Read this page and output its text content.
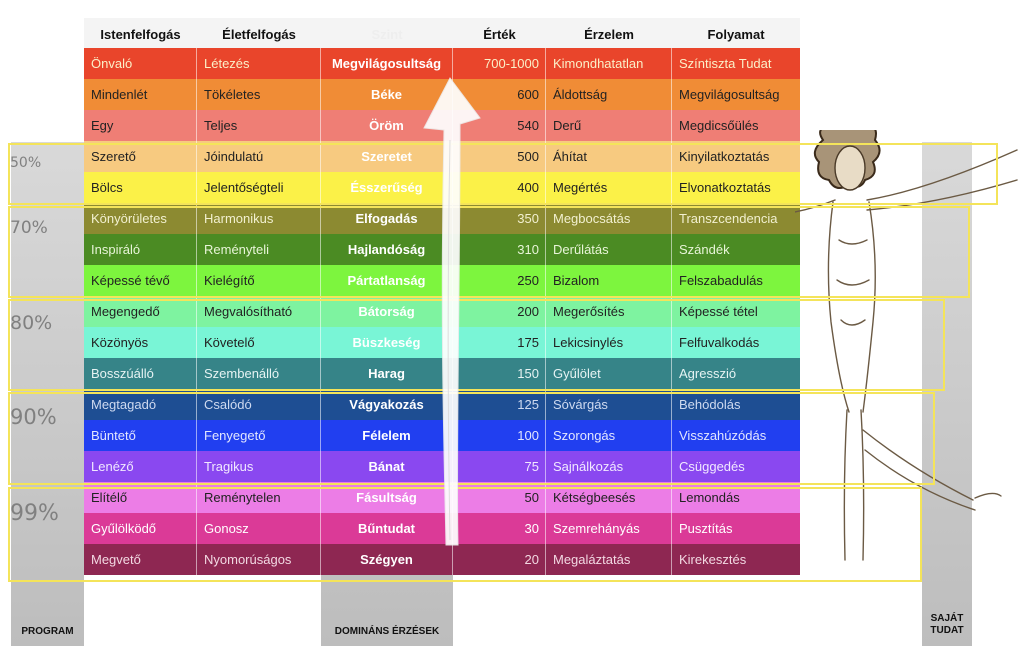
PROGRAM	DOMINÁNS ÉRZÉSEK
SAJÁT TUDAT
Istenfelfogás	Életfelfogás	Szint	Érték	Érzelem	Folyamat
Önvaló	Létezés	Megvilágosultság	700-1000	Kimondhatatlan	Színtiszta Tudat
Mindenlét	Tökéletes	Béke	600	Áldottság	Megvilágosultság
Egy	Teljes	Öröm	540	Derű	Megdicsőülés
Szerető	Jóindulatú	Szeretet	500	Áhítat	Kinyilatkoztatás
Bölcs	Jelentőségteli	Ésszerűség	400	Megértés	Elvonatkoztatás
Könyörületes	Harmonikus	Elfogadás	350	Megbocsátás	Transzcendencia
Inspiráló	Reményteli	Hajlandóság	310	Derűlátás	Szándék
Képessé tévő	Kielégítő	Pártatlanság	250	Bizalom	Felszabadulás
Megengedő	Megvalósítható	Bátorság	200	Megerősítés	Képessé tétel
Közönyös	Követelő	Büszkeség	175	Lekicsinylés	Felfuvalkodás
Bosszúálló	Szembenálló	Harag	150	Gyűlölet	Agresszió
Megtagadó	Csalódó	Vágyakozás	125	Sóvárgás	Behódolás
Büntető	Fenyegető	Félelem	100	Szorongás	Visszahúzódás
Lenéző	Tragikus	Bánat	75	Sajnálkozás	Csüggedés
Elítélő	Reménytelen	Fásultság	50	Kétségbeesés	Lemondás
Gyűlölködő	Gonosz	Bűntudat	30	Szemrehányás	Pusztítás
Megvető	Nyomorúságos	Szégyen	20	Megaláztatás	Kirekesztés
50%
70%
80%
90%
99%
